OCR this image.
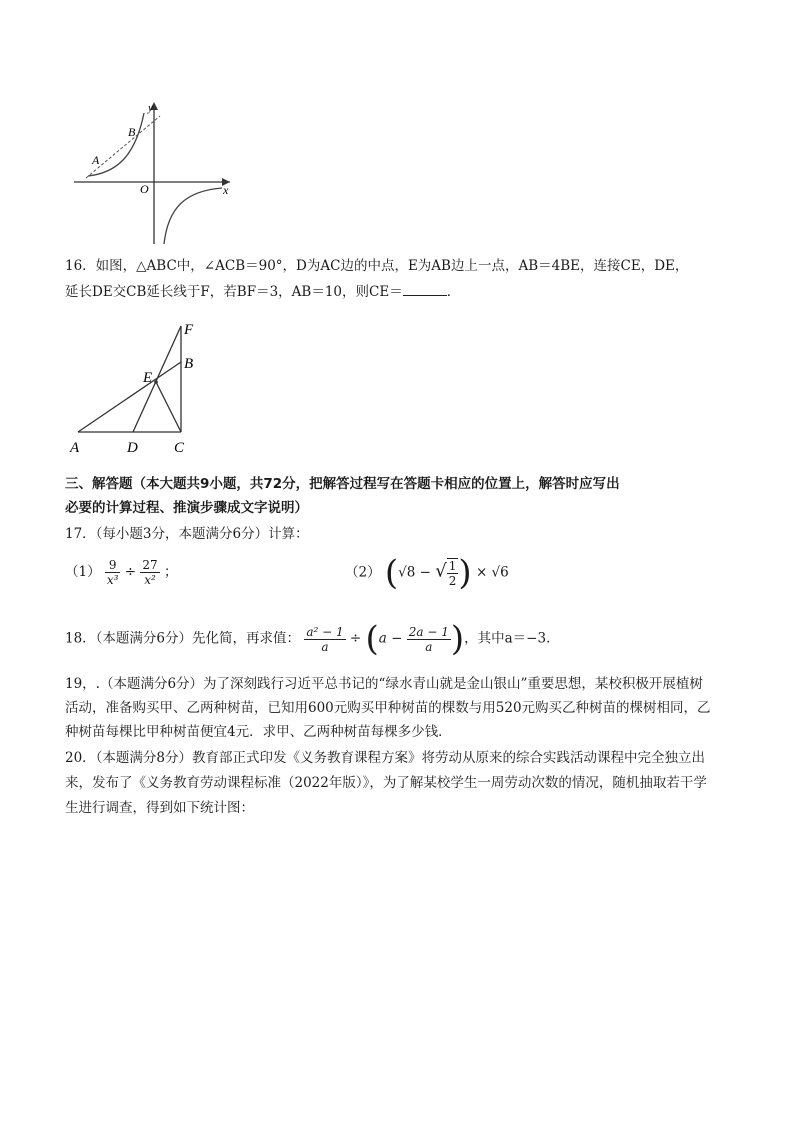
y
x
O
A
B
16．如图，△ABC中，∠ACB＝90°，D为AC边的中点，E为AB边上一点，AB＝4BE，连接CE，DE，
延长DE交CB延长线于F，若BF＝3，AB＝10，则CE＝	．
F
B
E
A	D C
三、解答题（本大题共9小题，共72分，把解答过程写在答题卡相应的位置上，解答时应写出
必要的计算过程、推演步骤成文字说明）
17．（每小题3分，本题满分6分）计算：
$(1) \frac{9}{\text{x³}} \div \frac{27}{\text{x²}}$ ；	（2） (√8 − √ $\frac{1}{2}$ ) × √6
18．（本题满分6分）先化简，再求值： $\frac{\text{a² − 1}}{a} \div (a - \frac{2a - 1}{a}$ )，其中a＝−3．
19，.（本题满分6分）为了深刻践行习近平总书记的“绿水青山就是金山银山”重要思想，某校积极开展植树
活动，准备购买甲、乙两种树苗，已知用600元购买甲种树苗的棵数与用520元购买乙种树苗的棵树相同，乙
种树苗每棵比甲种树苗便宜4元．求甲、乙两种树苗每棵多少钱．
20．（本题满分8分）教育部正式印发《义务教育课程方案》将劳动从原来的综合实践活动课程中完全独立出
来，发布了《义务教育劳动课程标准（2022年版）》，为了解某校学生一周劳动次数的情况，随机抽取若干学
生进行调查，得到如下统计图：
